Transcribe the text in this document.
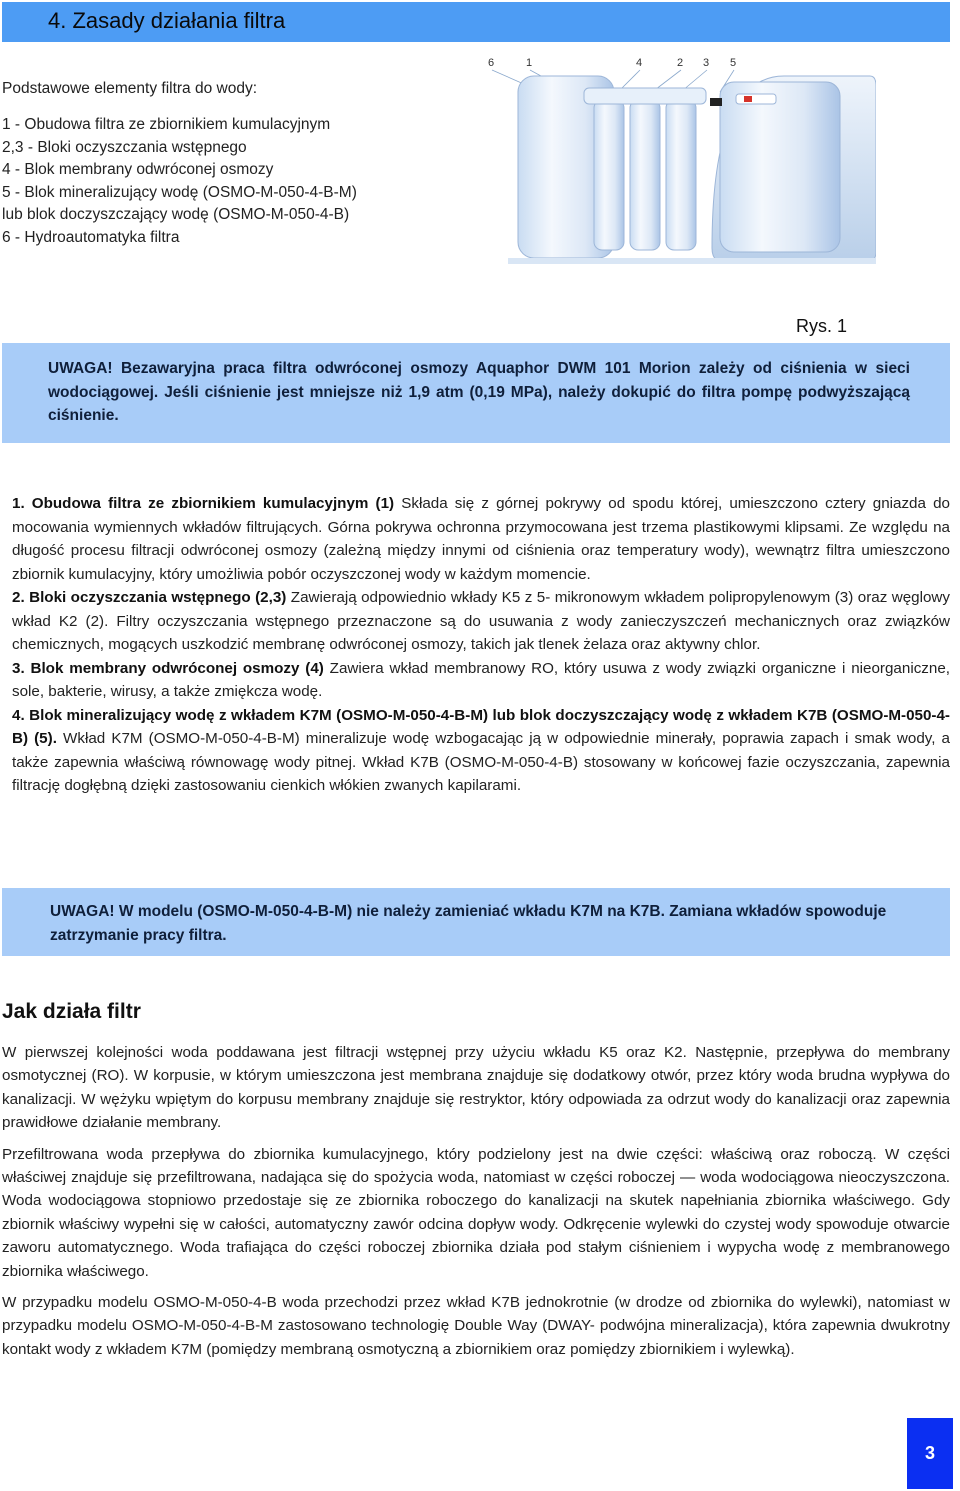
4. Zasady działania filtra

Podstawowe elementy filtra do wody:

1 - Obudowa filtra ze zbiornikiem kumulacyjnym
2,3 - Bloki oczyszczania wstępnego
4 - Blok membrany odwróconej osmozy
5 - Blok mineralizujący wodę (OSMO-M-050-4-B-M)
lub blok doczyszczający wodę (OSMO-M-050-4-B)
6 - Hydroautomatyka filtra
6	1	4	2 3 5
Rys. 1
UWAGA! Bezawaryjna praca filtra odwróconej osmozy Aquaphor DWM 101 Morion zależy od ciśnienia w sieci wodociągowej. Jeśli ciśnienie jest mniejsze niż 1,9 atm (0,19 MPa), należy dokupić do filtra pompę podwyższającą ciśnienie.

1. Obudowa filtra ze zbiornikiem kumulacyjnym (1) Składa się z górnej pokrywy od spodu której, umieszczono cztery gniazda do mocowania wymiennych wkładów filtrujących. Górna pokrywa ochronna przymocowana jest trzema plastikowymi klipsami. Ze względu na długość procesu filtracji odwróconej osmozy (zależną między innymi od ciśnienia oraz temperatury wody), wewnątrz filtra umieszczono zbiornik kumulacyjny, który umożliwia pobór oczyszczonej wody w każdym momencie.

2. Bloki oczyszczania wstępnego (2,3) Zawierają odpowiednio wkłady K5 z 5- mikronowym wkładem polipropylenowym (3) oraz węglowy wkład K2 (2). Filtry oczyszczania wstępnego przeznaczone są do usuwania z wody zanieczyszczeń mechanicznych oraz związków chemicznych, mogących uszkodzić membranę odwróconej osmozy, takich jak tlenek żelaza oraz aktywny chlor.

3. Blok membrany odwróconej osmozy (4) Zawiera wkład membranowy RO, który usuwa z wody związki organiczne i nieorganiczne, sole, bakterie, wirusy, a także zmiękcza wodę.

4. Blok mineralizujący wodę z wkładem K7M (OSMO-M-050-4-B-M) lub blok doczyszczający wodę z wkładem K7B (OSMO-M-050-4-B) (5). Wkład K7M (OSMO-M-050-4-B-M) mineralizuje wodę wzbogacając ją w odpowiednie minerały, poprawia zapach i smak wody, a także zapewnia właściwą równowagę wody pitnej. Wkład K7B (OSMO-M-050-4-B) stosowany w końcowej fazie oczyszczania, zapewnia filtrację dogłębną dzięki zastosowaniu cienkich włókien zwanych kapilarami.

UWAGA! W modelu (OSMO-M-050-4-B-M) nie należy zamieniać wkładu K7M na K7B. Zamiana wkładów spowoduje zatrzymanie pracy filtra.
Jak działa filtr

W pierwszej kolejności woda poddawana jest filtracji wstępnej przy użyciu wkładu K5 oraz K2. Następnie, przepływa do membrany osmotycznej (RO). W korpusie, w którym umieszczona jest membrana znajduje się dodatkowy otwór, przez który woda brudna wypływa do kanalizacji. W wężyku wpiętym do korpusu membrany znajduje się restryktor, który odpowiada za odrzut wody do kanalizacji oraz zapewnia prawidłowe działanie membrany.

Przefiltrowana woda przepływa do zbiornika kumulacyjnego, który podzielony jest na dwie części: właściwą oraz roboczą. W części właściwej znajduje się przefiltrowana, nadająca się do spożycia woda, natomiast w części roboczej — woda wodociągowa nieoczyszczona. Woda wodociągowa stopniowo przedostaje się ze zbiornika roboczego do kanalizacji na skutek napełniania zbiornika właściwego. Gdy zbiornik właściwy wypełni się w całości, automatyczny zawór odcina dopływ wody. Odkręcenie wylewki do czystej wody spowoduje otwarcie zaworu automatycznego. Woda trafiająca do części roboczej zbiornika działa pod stałym ciśnieniem i wypycha wodę z membranowego zbiornika właściwego.

W przypadku modelu OSMO-M-050-4-B woda przechodzi przez wkład K7B jednokrotnie (w drodze od zbiornika do wylewki), natomiast w przypadku modelu OSMO-M-050-4-B-M zastosowano technologię Double Way (DWAY- podwójna mineralizacja), która zapewnia dwukrotny kontakt wody z wkładem K7M (pomiędzy membraną osmotyczną a zbiornikiem oraz pomiędzy zbiornikiem i wylewką).

3
